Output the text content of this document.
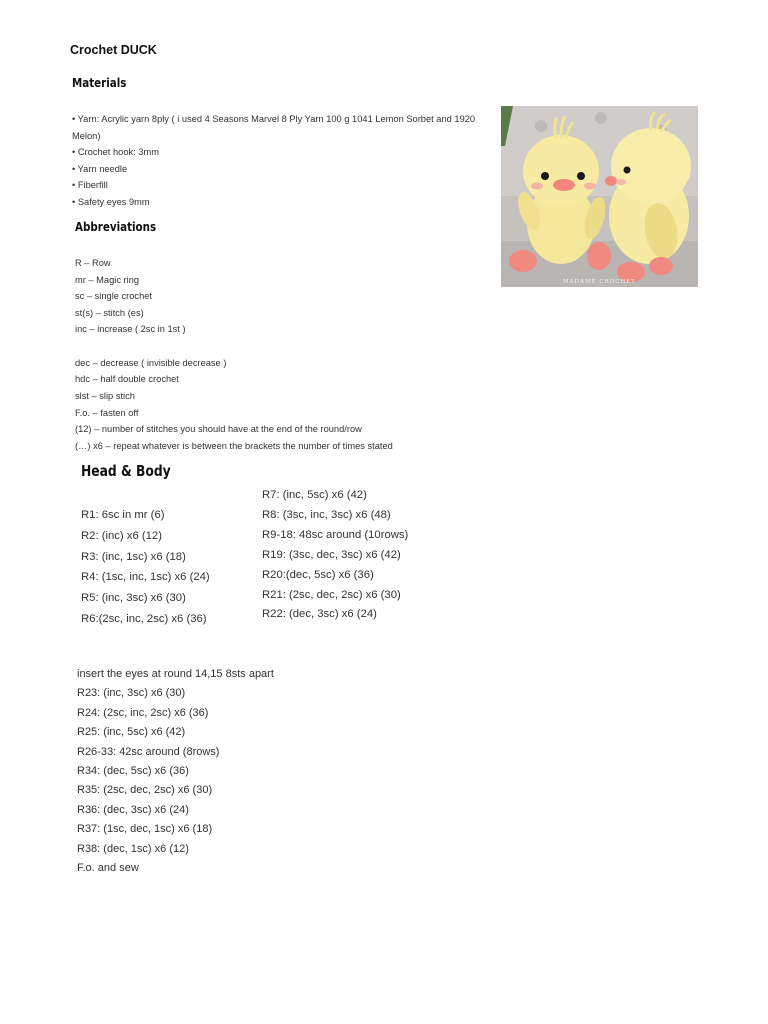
Crochet DUCK
Materials
• Yarn: Acrylic yarn 8ply ( i used 4 Seasons Marvel 8 Ply Yarn 100 g 1041 Lemon Sorbet and 1920 Melon)
• Crochet hook: 3mm
• Yarn needle
• Fiberfill
• Safety eyes 9mm
MADAME CROCHET
Abbreviations
R – Row
mr – Magic ring
sc – single crochet
st(s) – stitch (es)
inc – increase ( 2sc in 1st )
dec – decrease ( invisible decrease )
hdc – half double crochet
slst – slip stich
F.o. – fasten off
(12) – number of stitches you should have at the end of the round/row
(…) x6 – repeat whatever is between the brackets the number of times stated
Head & Body
R1: 6sc in mr (6)
R2: (inc) x6 (12)
R3: (inc, 1sc) x6 (18)
R4: (1sc, inc, 1sc) x6 (24)
R5: (inc, 3sc) x6 (30)
R6:(2sc, inc, 2sc) x6 (36)
R7: (inc, 5sc) x6 (42)
R8: (3sc, inc, 3sc) x6 (48)
R9-18: 48sc around (10rows)
R19: (3sc, dec, 3sc) x6 (42)
R20:(dec, 5sc) x6 (36)
R21: (2sc, dec, 2sc) x6 (30)
R22: (dec, 3sc) x6 (24)
insert the eyes at round 14,15 8sts apart
R23: (inc, 3sc) x6 (30)
R24: (2sc, inc, 2sc) x6 (36)
R25: (inc, 5sc) x6 (42)
R26-33: 42sc around (8rows)
R34: (dec, 5sc) x6 (36)
R35: (2sc, dec, 2sc) x6 (30)
R36: (dec, 3sc) x6 (24)
R37: (1sc, dec, 1sc) x6 (18)
R38: (dec, 1sc) x6 (12)
F.o. and sew
